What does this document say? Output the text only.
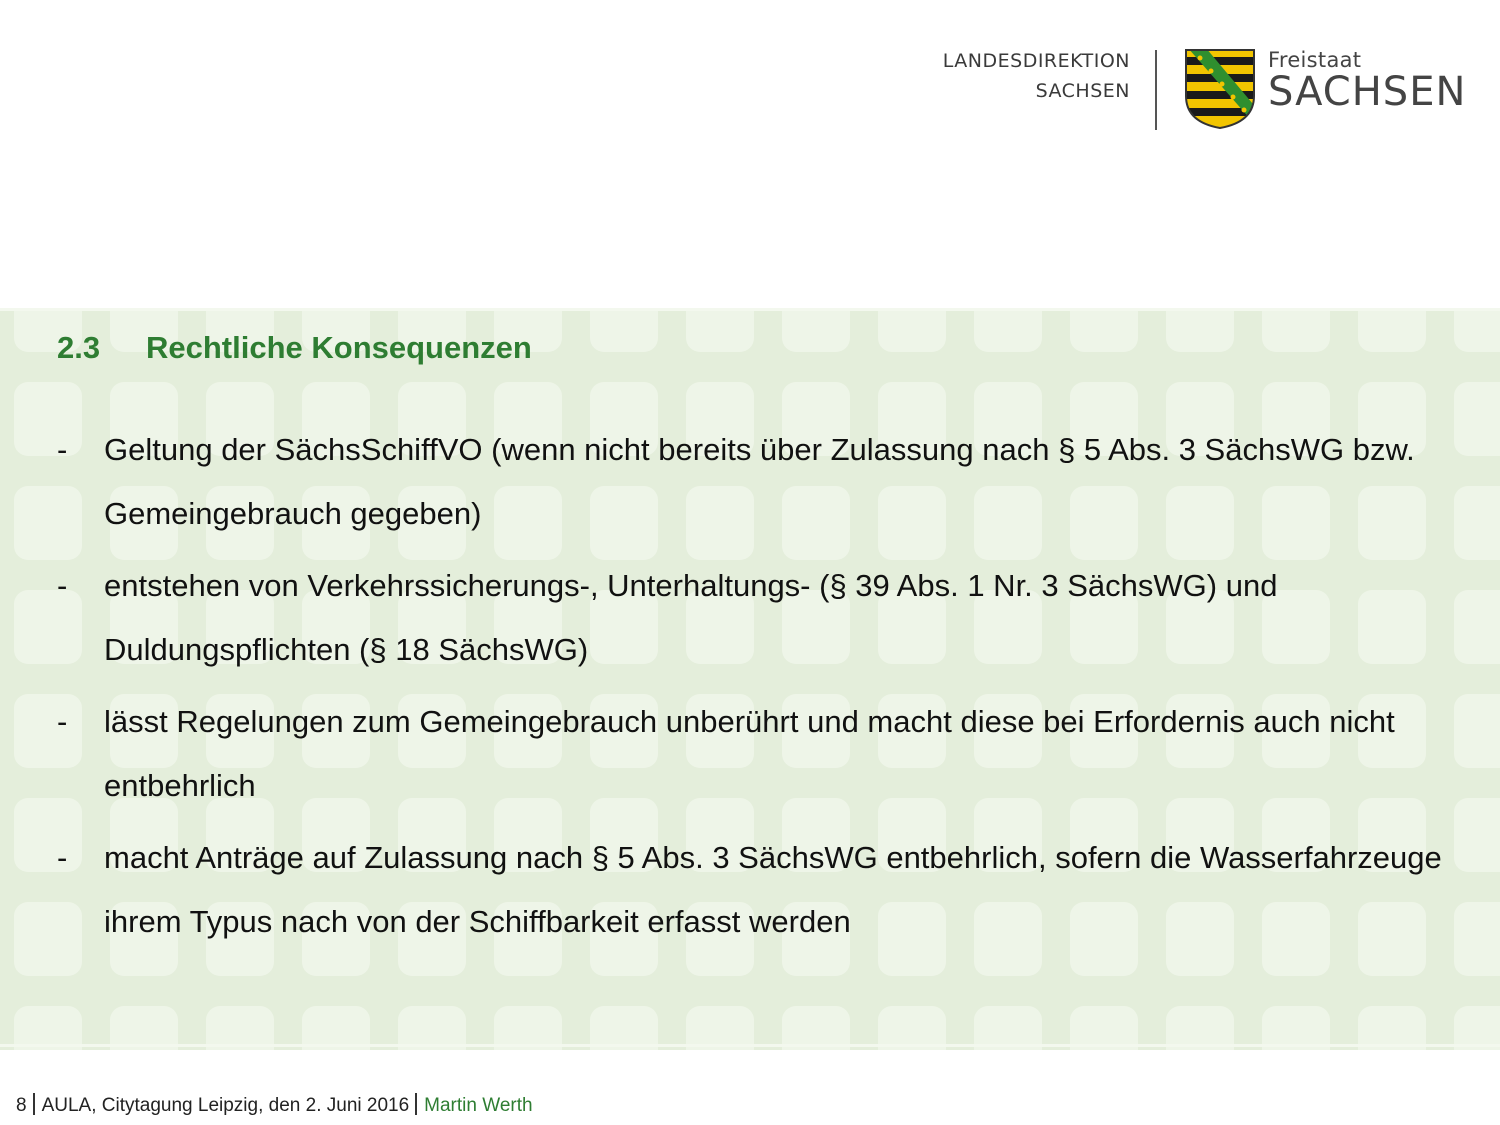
LANDESDIREKTION
SACHSEN
Freistaat
SACHSEN
2.3 Rechtliche Konsequenzen
- Geltung der SächsSchiffVO (wenn nicht bereits über Zulassung nach § 5 Abs. 3 SächsWG bzw. Gemeingebrauch gegeben)
- entstehen von Verkehrssicherungs-, Unterhaltungs- (§ 39 Abs. 1 Nr. 3 SächsWG) und Duldungspflichten (§ 18 SächsWG)
- lässt Regelungen zum Gemeingebrauch unberührt und macht diese bei Erfordernis auch nicht entbehrlich
- macht Anträge auf Zulassung nach § 5 Abs. 3 SächsWG entbehrlich, sofern die Wasserfahrzeuge ihrem Typus nach von der Schiffbarkeit erfasst werden
8 AULA, Citytagung Leipzig, den 2. Juni 2016 Martin Werth
